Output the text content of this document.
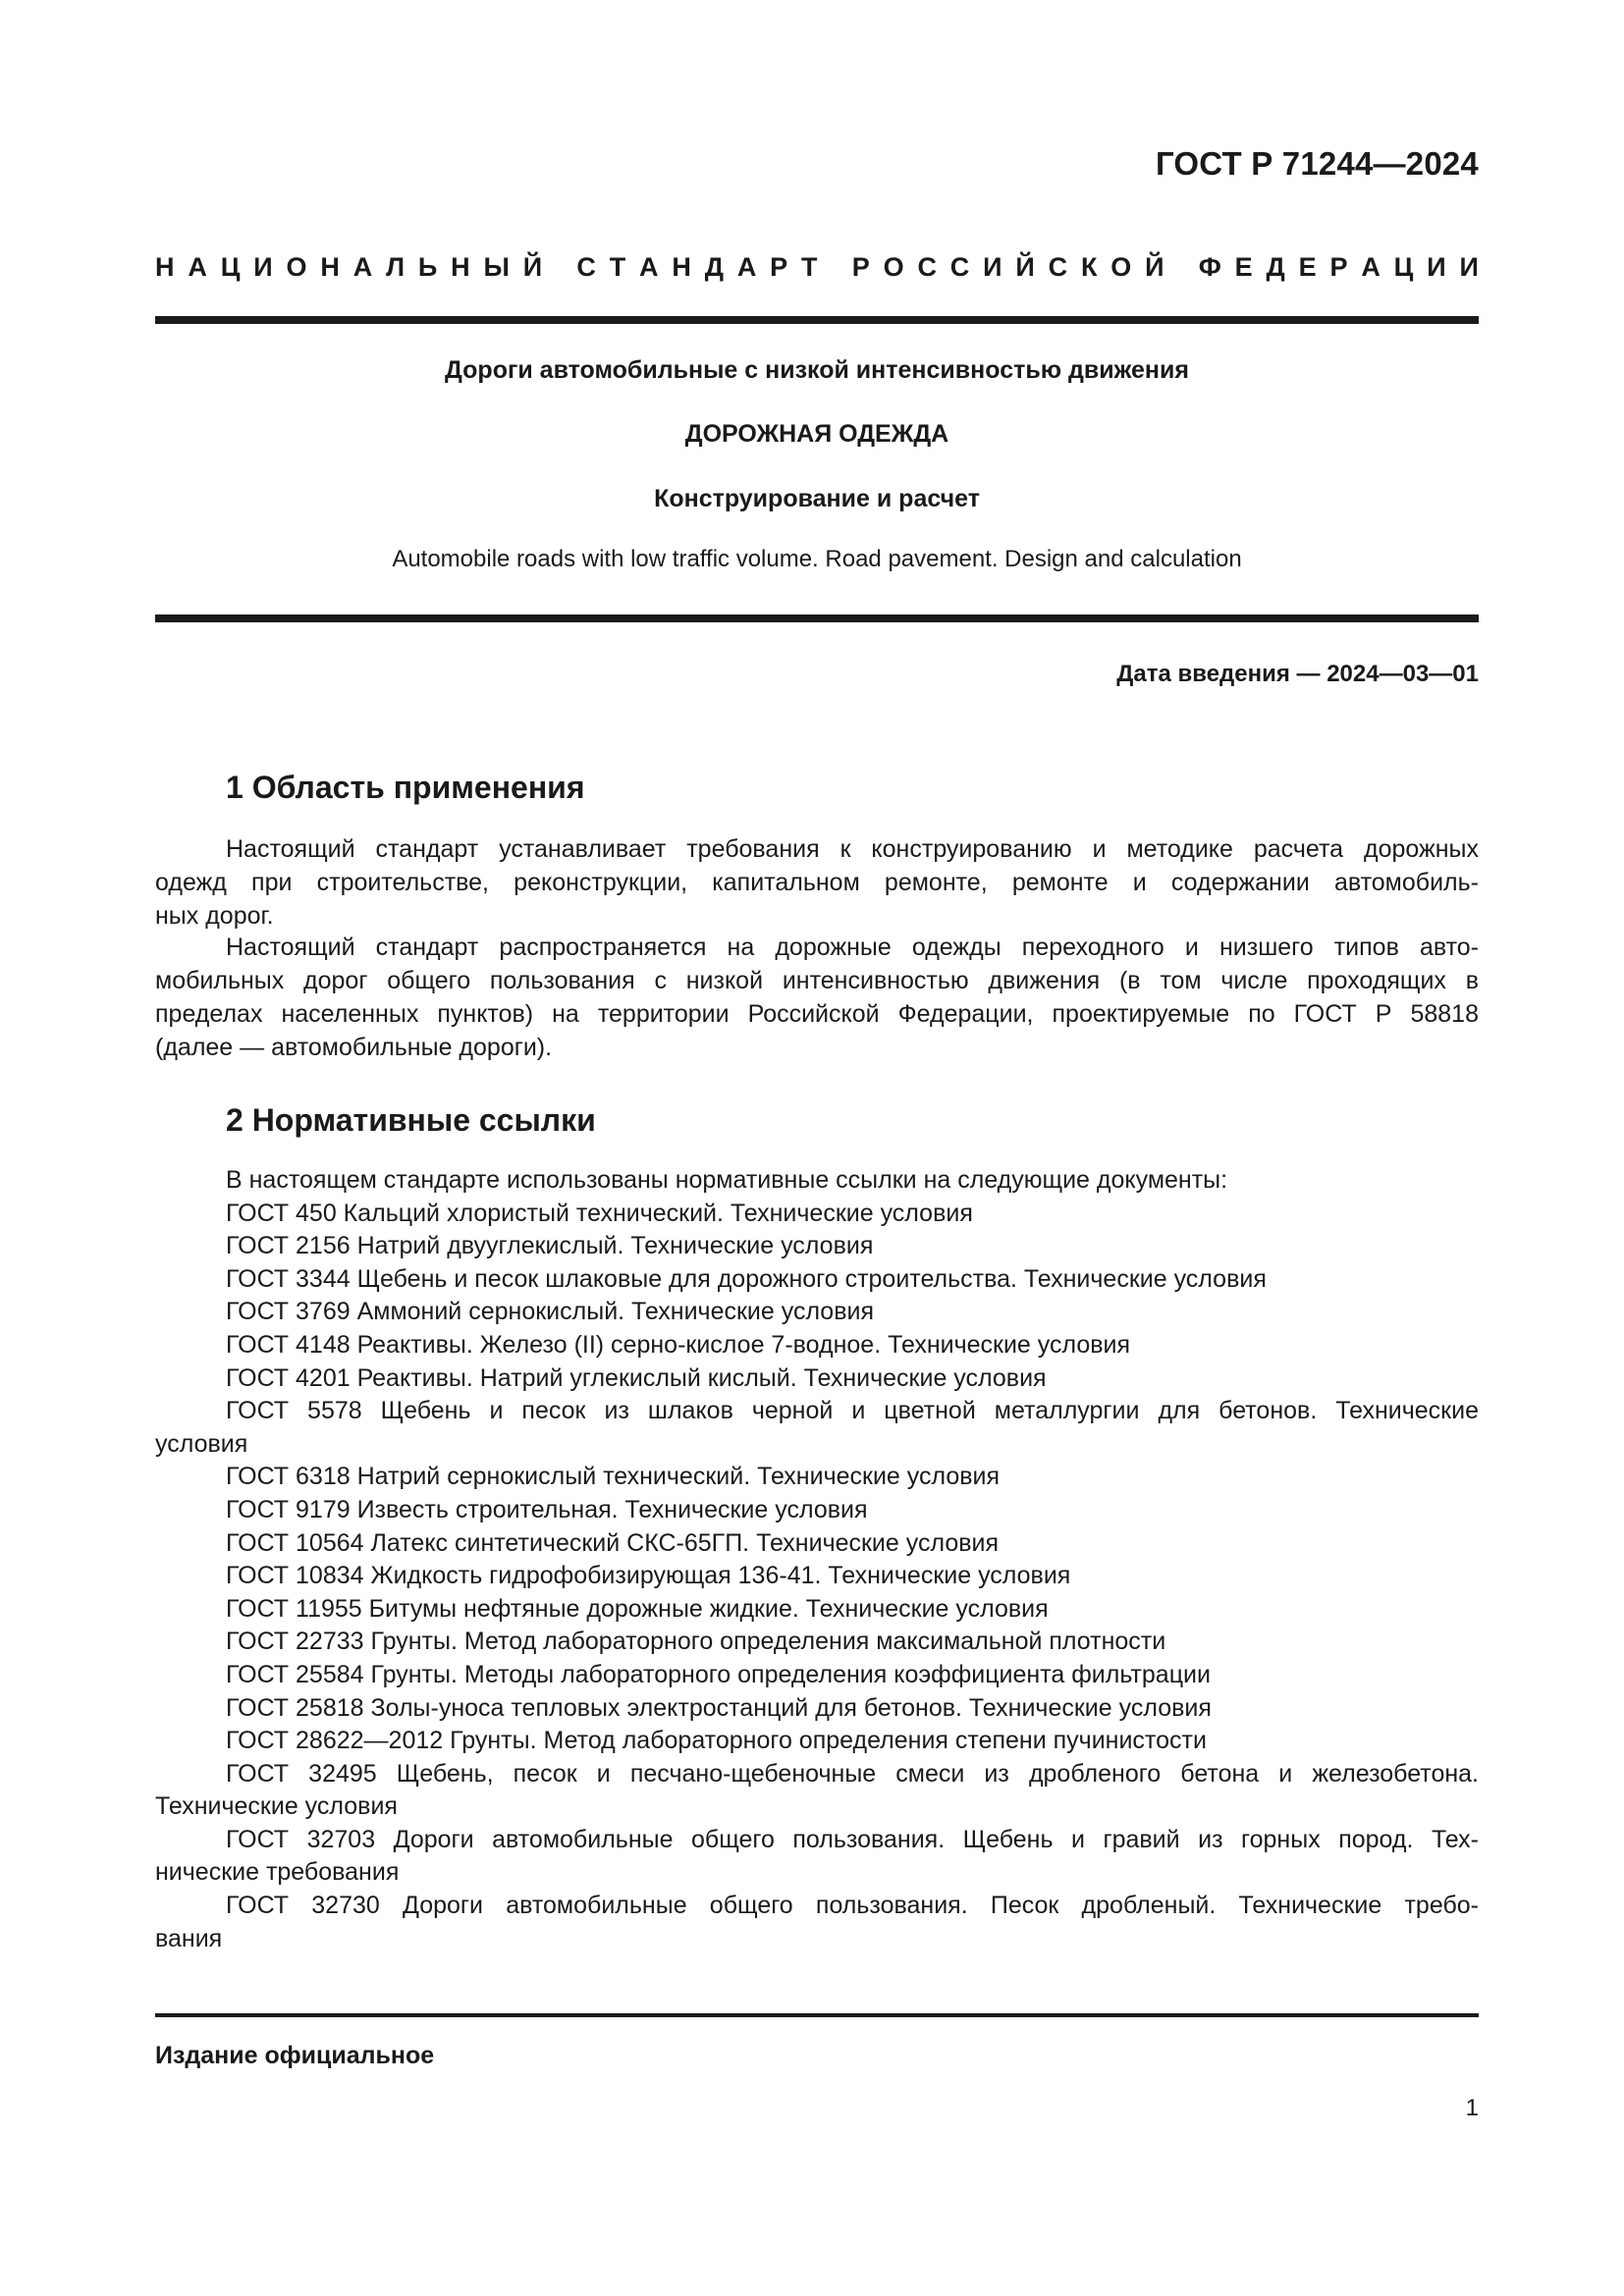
ГОСТ Р 71244—2024
Н А Ц И О Н А Л Ь Н Ы Й
С Т А Н Д А Р Т
Р О С С И Й С К О Й
Ф Е Д Е Р А Ц И И
Дороги автомобильные с низкой интенсивностью движения
ДОРОЖНАЯ ОДЕЖДА
Конструирование и расчет
Automobile roads with low traffic volume. Road pavement. Design and calculation
Дата введения — 2024—03—01
1 Область применения
Настоящий стандарт устанавливает требования к конструированию и методике расчета дорожных
одежд при строительстве, реконструкции, капитальном ремонте, ремонте и содержании автомобиль-
ных дорог.
Настоящий стандарт распространяется на дорожные одежды переходного и низшего типов авто-
мобильных дорог общего пользования с низкой интенсивностью движения (в том числе проходящих в
пределах населенных пунктов) на территории Российской Федерации, проектируемые по ГОСТ Р 58818
(далее — автомобильные дороги).
2 Нормативные ссылки
В настоящем стандарте использованы нормативные ссылки на следующие документы:
ГОСТ 450 Кальций хлористый технический. Технические условия
ГОСТ 2156 Натрий двууглекислый. Технические условия
ГОСТ 3344 Щебень и песок шлаковые для дорожного строительства. Технические условия
ГОСТ 3769 Аммоний сернокислый. Технические условия
ГОСТ 4148 Реактивы. Железо (II) серно-кислое 7-водное. Технические условия
ГОСТ 4201 Реактивы. Натрий углекислый кислый. Технические условия
ГОСТ 5578 Щебень и песок из шлаков черной и цветной металлургии для бетонов. Технические
условия
ГОСТ 6318 Натрий сернокислый технический. Технические условия
ГОСТ 9179 Известь строительная. Технические условия
ГОСТ 10564 Латекс синтетический СКС-65ГП. Технические условия
ГОСТ 10834 Жидкость гидрофобизирующая 136-41. Технические условия
ГОСТ 11955 Битумы нефтяные дорожные жидкие. Технические условия
ГОСТ 22733 Грунты. Метод лабораторного определения максимальной плотности
ГОСТ 25584 Грунты. Методы лабораторного определения коэффициента фильтрации
ГОСТ 25818 Золы-уноса тепловых электростанций для бетонов. Технические условия
ГОСТ 28622—2012 Грунты. Метод лабораторного определения степени пучинистости
ГОСТ 32495 Щебень, песок и песчано-щебеночные смеси из дробленого бетона и железобетона.
Технические условия
ГОСТ 32703 Дороги автомобильные общего пользования. Щебень и гравий из горных пород. Тех-
нические требования
ГОСТ 32730 Дороги автомобильные общего пользования. Песок дробленый. Технические требо-
вания
Издание официальное
1
